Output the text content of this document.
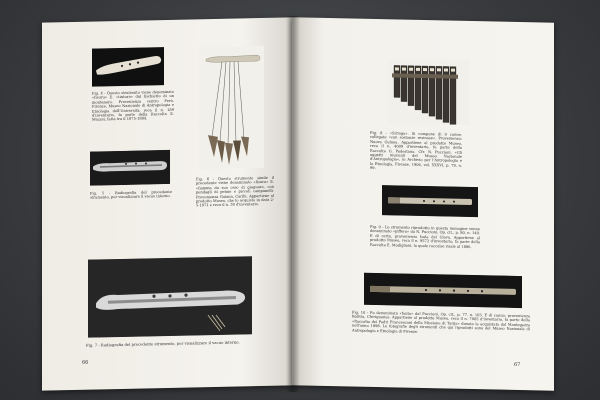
Fig. 4 - Questo strumento viene denominato «fisuru» E. «tintura» dal fischietto di un montanaro. Provenienza centro Perù. Firenze, Museo Nazionale di Antropologia e Etnologia dell'Università, reca il n. 189 d'inventario, fa parte della Raccolta E. Mazzei, fatta tra il 1875-1884.
Fig. 5 - Radiografia del precedente strumento, per visualizzare il vacuo interno.
Fig. 6 - Questo strumento simile il precedente viene denominato «fisuru» E. «fiamma da suo osso di giaguaro, con pendagli di penne e piccoli campanelli. Provenienza Guiana, Caribi. Appartiene al prodotto Museo, che lo acquistò in data 2-5-1871 e reca il n. 38 d'inventario.
Fig. 7 - Radiografia del precedente strumento, per visualizzare il vacuo interno.
66
Fig. 8 - «Siringa». Si compone di 9 canne, collegate «con sostanze resinose». Provenienza: Nuova Guinea. Appartiene al prodotto Museo, reca il n. 4009 d'inventario, fa parte della Raccolta G. Podestana. Cfr. N. Puccioni, «Gli oggetti musicali del Museo Nazionale d'Antropologia», in Archivio per l'Antropologia e la Etnologia, Firenze, 1906, vol. XXXVI, p. 79, n. 99.
Fig. 9 - Lo strumento riprodotto in questa immagine venne denominato «piffero» da N. Puccioni, Op. cit., p. 80, n. 140. E di certo, provenienza Isola del Giava. Appartiene al prodotto Museo, reca il n. 9572 d'inventario, fa parte della Raccolta E. Modigliani, la quale raccolse risale al 1886.
Fig. 10 - Fu denominato «fauto» dal Puccioni, Op. cit., p. 77, n. 103. E di canna; provenienza Bolivia, Chiriguanos. Appartiene al prodotto Museo, reca il n. 7005 d'inventario, fa parte della «Raccolta dei Padri Francescani della Missione di Tarija» donata la acquistata dal Mantegazza nell'anno 1898. Le fotografie degli strumenti che qui riprodotti sono del Museo Nazionale di Antropologia e Etnologia di Firenze.
67
